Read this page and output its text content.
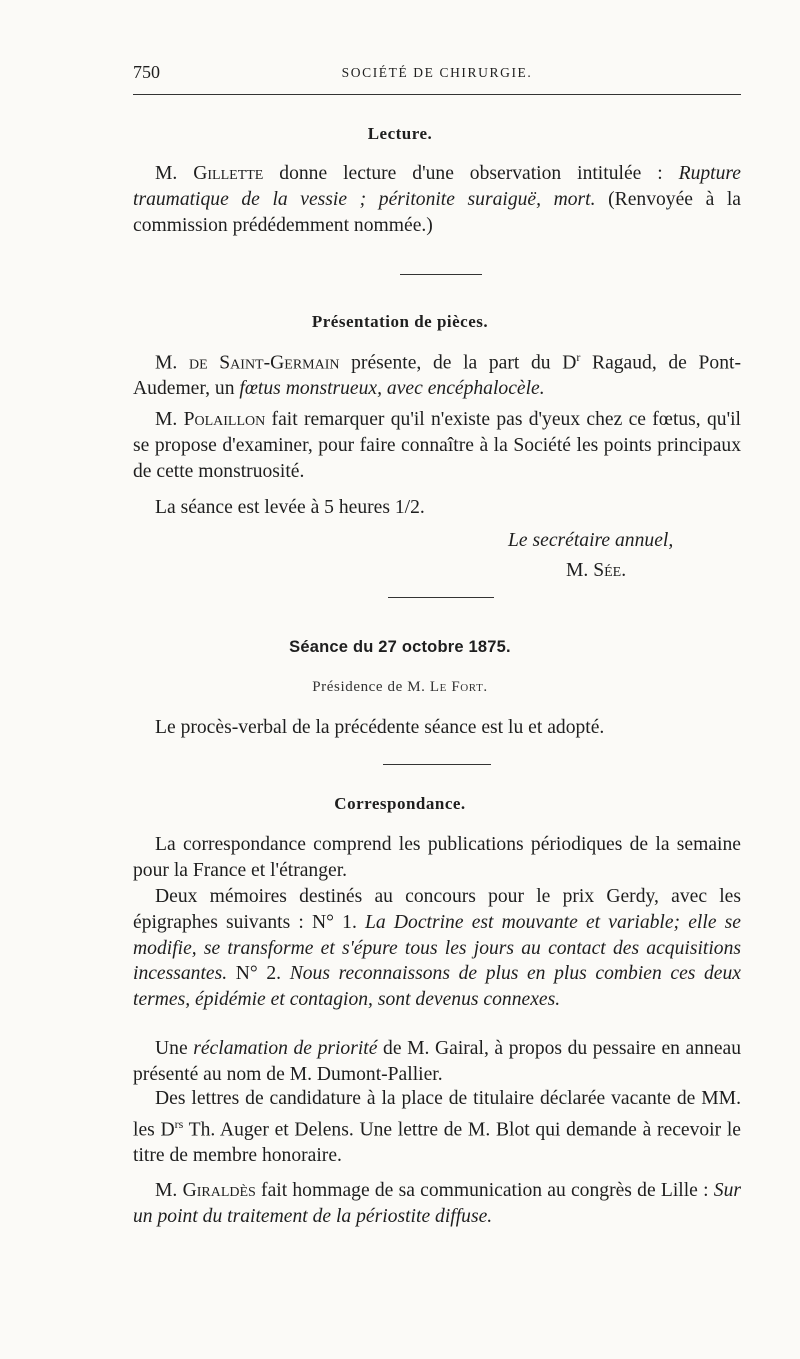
750	SOCIÉTÉ DE CHIRURGIE.
Lecture.

M. Gillette donne lecture d'une observation intitulée : Rupture traumatique de la vessie ; péritonite suraiguë, mort. (Renvoyée à la commission prédédemment nommée.)

Présentation de pièces.

M. de Saint-Germain présente, de la part du $D^r$ Ragaud, de Pont-Audemer, un fœtus monstrueux, avec encéphalocèle.

M. Polaillon fait remarquer qu'il n'existe pas d'yeux chez ce fœtus, qu'il se propose d'examiner, pour faire connaître à la Société les points principaux de cette monstruosité.

La séance est levée à 5 heures 1/2.

Le secrétaire annuel,
M. Sée.
Séance du 27 octobre 1875.
Présidence de M. Le Fort.

Le procès-verbal de la précédente séance est lu et adopté.

Correspondance.

La correspondance comprend les publications périodiques de la semaine pour la France et l'étranger.

Deux mémoires destinés au concours pour le prix Gerdy, avec les épigraphes suivants : N° 1. La Doctrine est mouvante et variable; elle se modifie, se transforme et s'épure tous les jours au contact des acquisitions incessantes. N° 2. Nous reconnaissons de plus en plus combien ces deux termes, épidémie et contagion, sont devenus connexes.

Une réclamation de priorité de M. Gairal, à propos du pessaire en anneau présenté au nom de M. Dumont-Pallier.

Des lettres de candidature à la place de titulaire déclarée vacante de MM. les $D^{rs}$ Th. Auger et Delens. Une lettre de M. Blot qui demande à recevoir le titre de membre honoraire.

M. Giraldès fait hommage de sa communication au congrès de Lille : Sur un point du traitement de la périostite diffuse.
